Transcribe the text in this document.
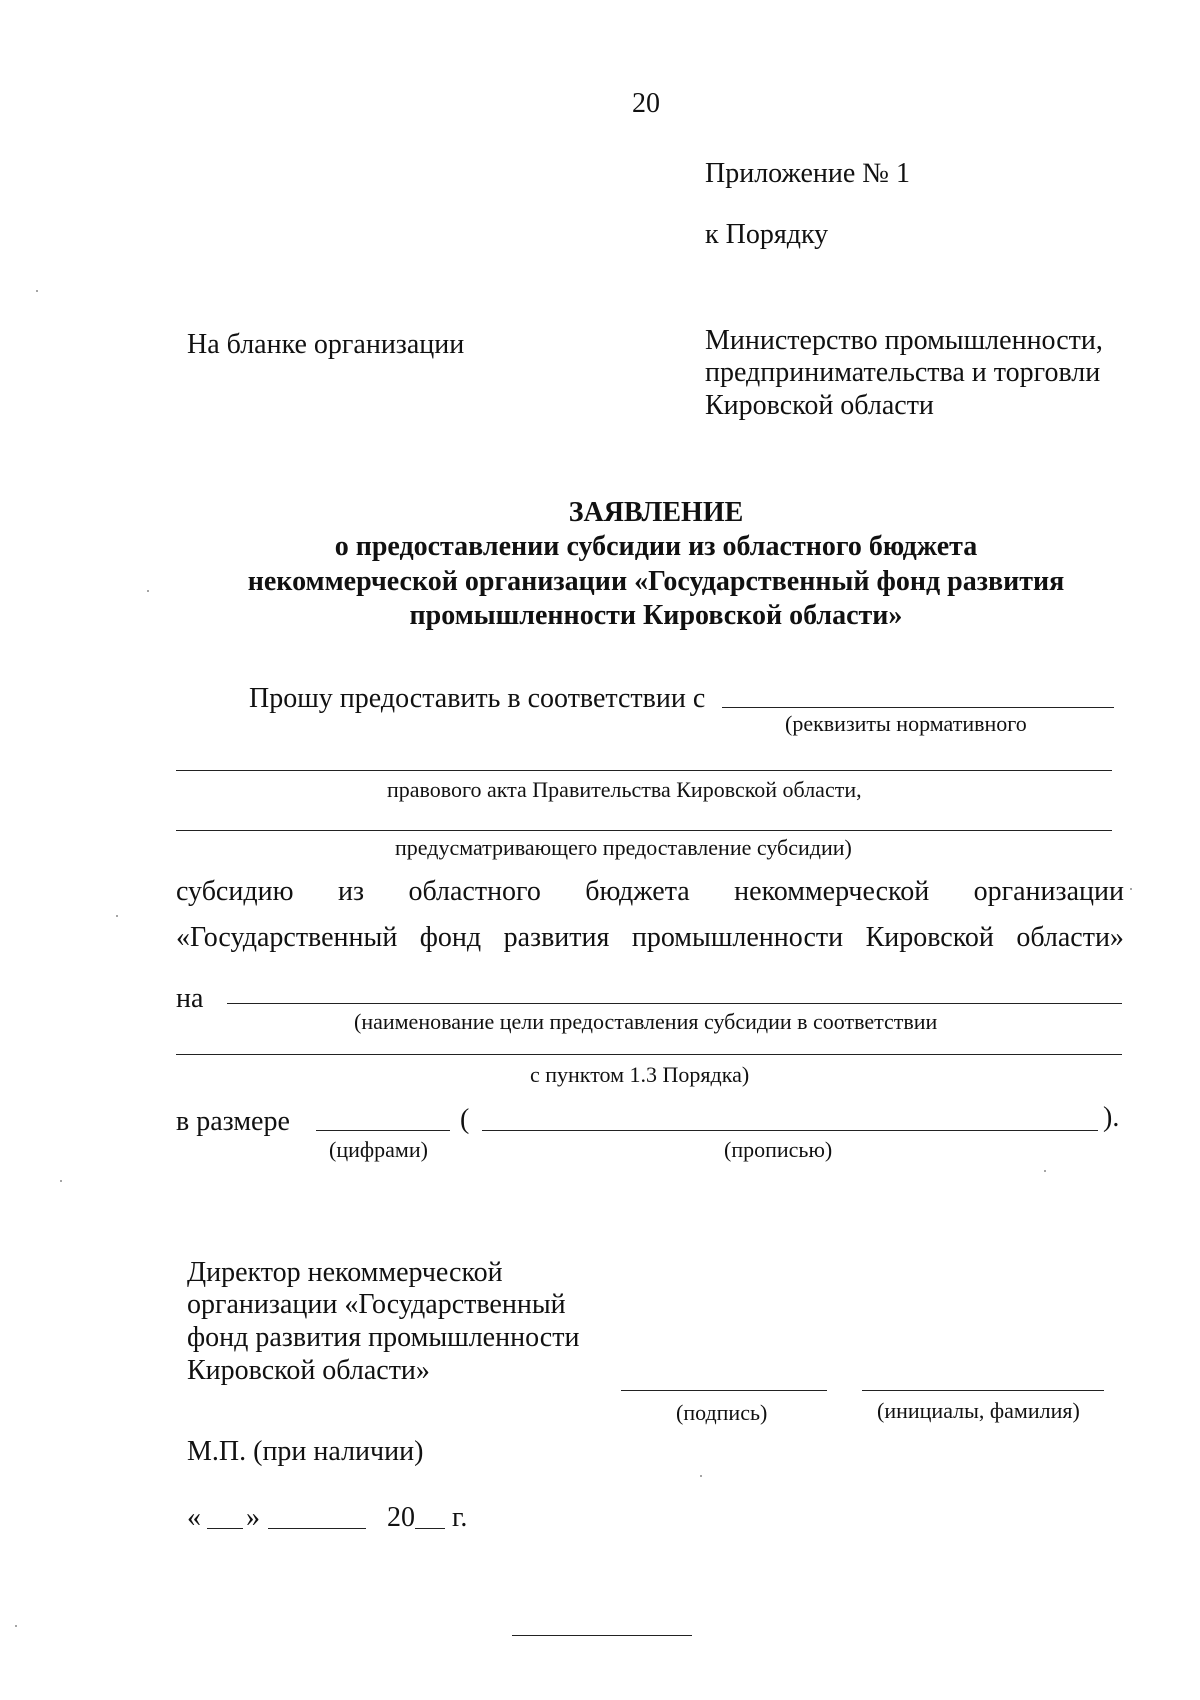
20
Приложение № 1
к Порядку
На бланке организации	Министерство промышленности,
предпринимательства и торговли
Кировской области
ЗАЯВЛЕНИЕ
о предоставлении субсидии из областного бюджета
некоммерческой организации «Государственный фонд развития
промышленности Кировской области»
Прошу предоставить в соответствии с
(реквизиты нормативного
правового акта Правительства Кировской области,
предусматривающего предоставление субсидии)
субсидию из областного бюджета некоммерческой организации
«Государственный фонд развития промышленности Кировской области»
на
(наименование цели предоставления субсидии в соответствии
с пунктом 1.3 Порядка)
в размере	(	).
(цифрами)	(прописью)
Директор некоммерческой
организации «Государственный
фонд развития промышленности
Кировской области»
(подпись)	(инициалы, фамилия)
М.П. (при наличии)
« »	20 г.
